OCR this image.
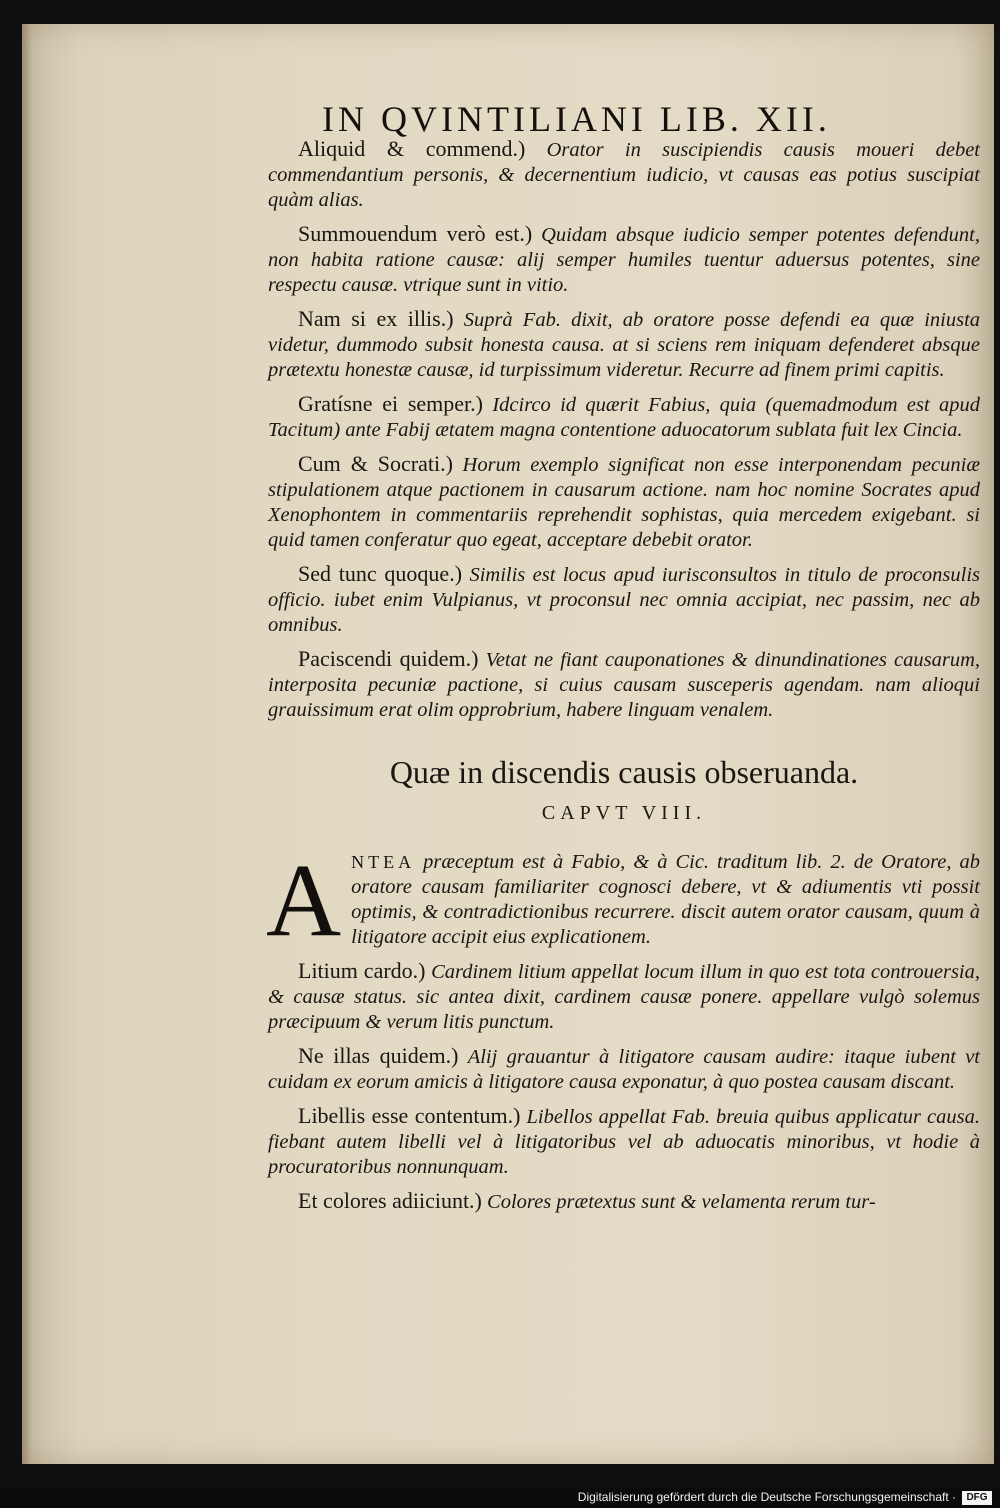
IN QVINTILIANI LIB. XII.

Aliquid & commend.) Orator in suscipiendis causis moueri debet commendantium personis, & decernentium iudicio, vt causas eas potius suscipiat quàm alias.

Summouendum verò est.) Quidam absque iudicio semper potentes defendunt, non habita ratione causæ: alij semper humiles tuentur aduersus potentes, sine respectu causæ. vtrique sunt in vitio.

Nam si ex illis.) Suprà Fab. dixit, ab oratore posse defendi ea quæ iniusta videtur, dummodo subsit honesta causa. at si sciens rem iniquam defenderet absque prætextu honestæ causæ, id turpissimum videretur. Recurre ad finem primi capitis.

Gratísne ei semper.) Idcirco id quærit Fabius, quia (quemadmodum est apud Tacitum) ante Fabij ætatem magna contentione aduocatorum sublata fuit lex Cincia.

Cum & Socrati.) Horum exemplo significat non esse interponendam pecuniæ stipulationem atque pactionem in causarum actione. nam hoc nomine Socrates apud Xenophontem in commentariis reprehendit sophistas, quia mercedem exigebant. si quid tamen conferatur quo egeat, acceptare debebit orator.

Sed tunc quoque.) Similis est locus apud iurisconsultos in titulo de proconsulis officio. iubet enim Vulpianus, vt proconsul nec omnia accipiat, nec passim, nec ab omnibus.

Paciscendi quidem.) Vetat ne fiant cauponationes & dinundinationes causarum, interposita pecuniæ pactione, si cuius causam susceperis agendam. nam alioqui grauissimum erat olim opprobrium, habere linguam venalem.

Quæ in discendis causis obseruanda.
CAPVT VIII.

A NTEA præceptum est à Fabio, & à Cic. traditum lib. 2. de Oratore, ab oratore causam familiariter cognosci debere, vt & adiumentis vti possit optimis, & contradictionibus recurrere. discit autem orator causam, quum à litigatore accipit eius explicationem.

Litium cardo.) Cardinem litium appellat locum illum in quo est tota controuersia, & causæ status. sic antea dixit, cardinem causæ ponere. appellare vulgò solemus præcipuum & verum litis punctum.

Ne illas quidem.) Alij grauantur à litigatore causam audire: itaque iubent vt cuidam ex eorum amicis à litigatore causa exponatur, à quo postea causam discant.

Libellis esse contentum.) Libellos appellat Fab. breuia quibus applicatur causa. fiebant autem libelli vel à litigatoribus vel ab aduocatis minoribus, vt hodie à procuratoribus nonnunquam.

Et colores adiiciunt.) Colores prætextus sunt & velamenta rerum tur-

Digitalisierung gefördert durch die Deutsche Forschungsgemeinschaft ·	DFG
